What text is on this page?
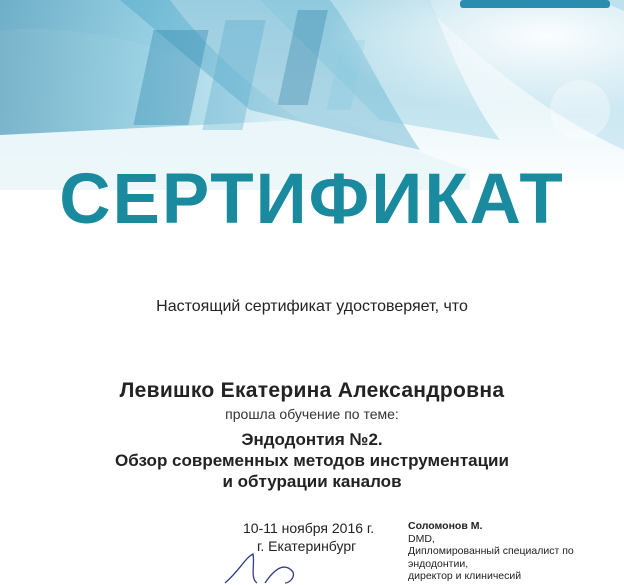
СЕРТИФИКАТ
Настоящий сертификат удостоверяет, что
Левишко Екатерина Александровна
прошла обучение по теме:
Эндодонтия №2.
Обзор современных методов инструментации
и обтурации каналов
10-11 ноября 2016 г.
г. Екатеринбург
Соломонов М.
DMD,
Дипломированный специалист по
эндодонтии,
директор и клиничесий
